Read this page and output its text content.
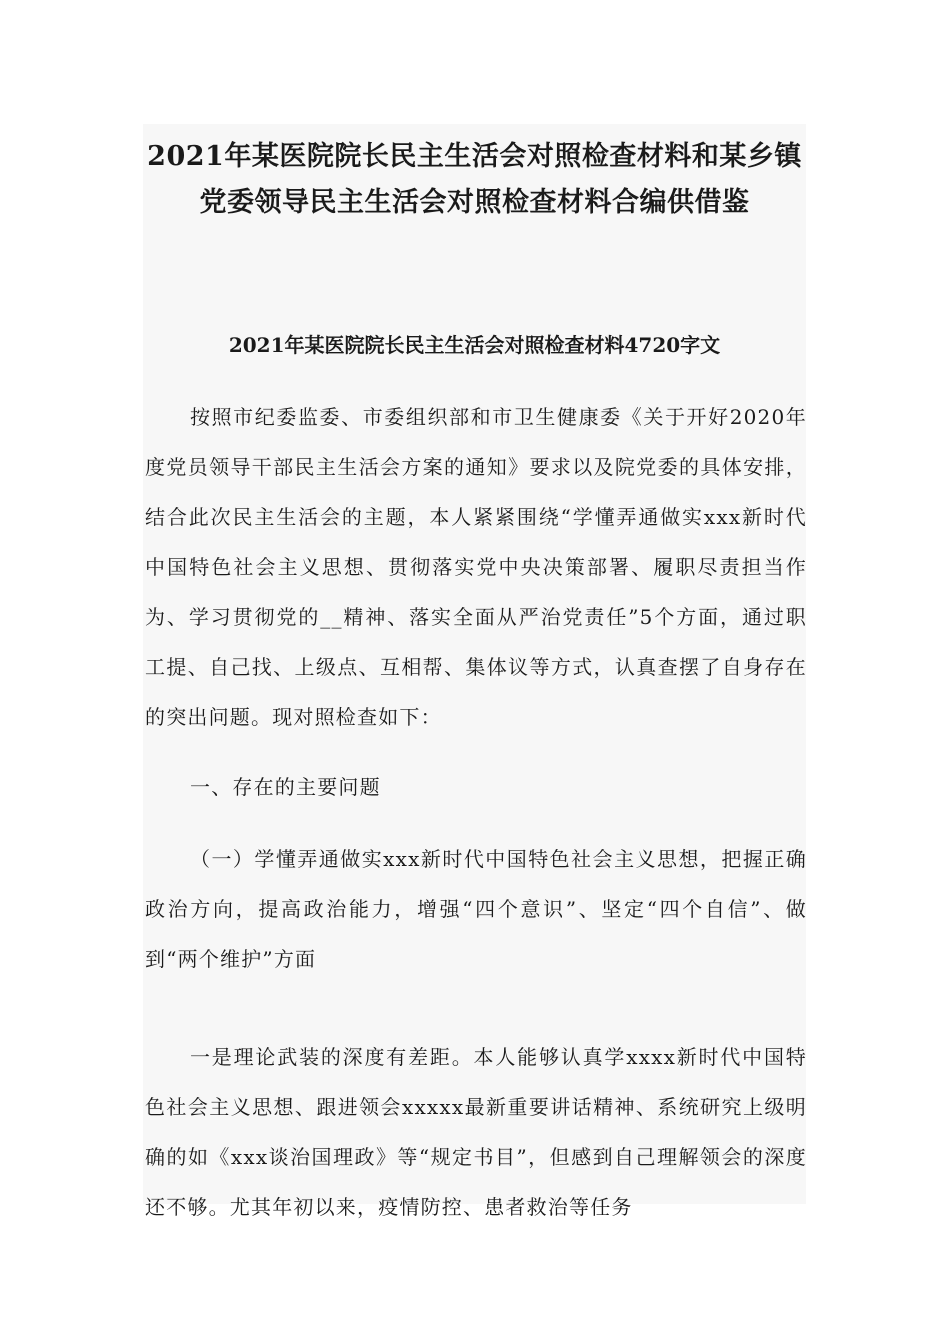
2021年某医院院长民主生活会对照检查材料和某乡镇党委领导民主生活会对照检查材料合编供借鉴
2021年某医院院长民主生活会对照检查材料4720字文

按照市纪委监委、市委组织部和市卫生健康委《关于开好2020年度党员领导干部民主生活会方案的通知》要求以及院党委的具体安排，结合此次民主生活会的主题，本人紧紧围绕“学懂弄通做实xxx新时代中国特色社会主义思想、贯彻落实党中央决策部署、履职尽责担当作为、学习贯彻党的__精神、落实全面从严治党责任”5个方面，通过职工提、自己找、上级点、互相帮、集体议等方式，认真查摆了自身存在的突出问题。现对照检查如下：

一、存在的主要问题

（一）学懂弄通做实xxx新时代中国特色社会主义思想，把握正确政治方向，提高政治能力，增强“四个意识”、坚定“四个自信”、做到“两个维护”方面

一是理论武装的深度有差距。本人能够认真学xxxx新时代中国特色社会主义思想、跟进领会xxxxx最新重要讲话精神、系统研究上级明确的如《xxx谈治国理政》等“规定书目”，但感到自己理解领会的深度还不够。尤其年初以来，疫情防控、患者救治等任务
